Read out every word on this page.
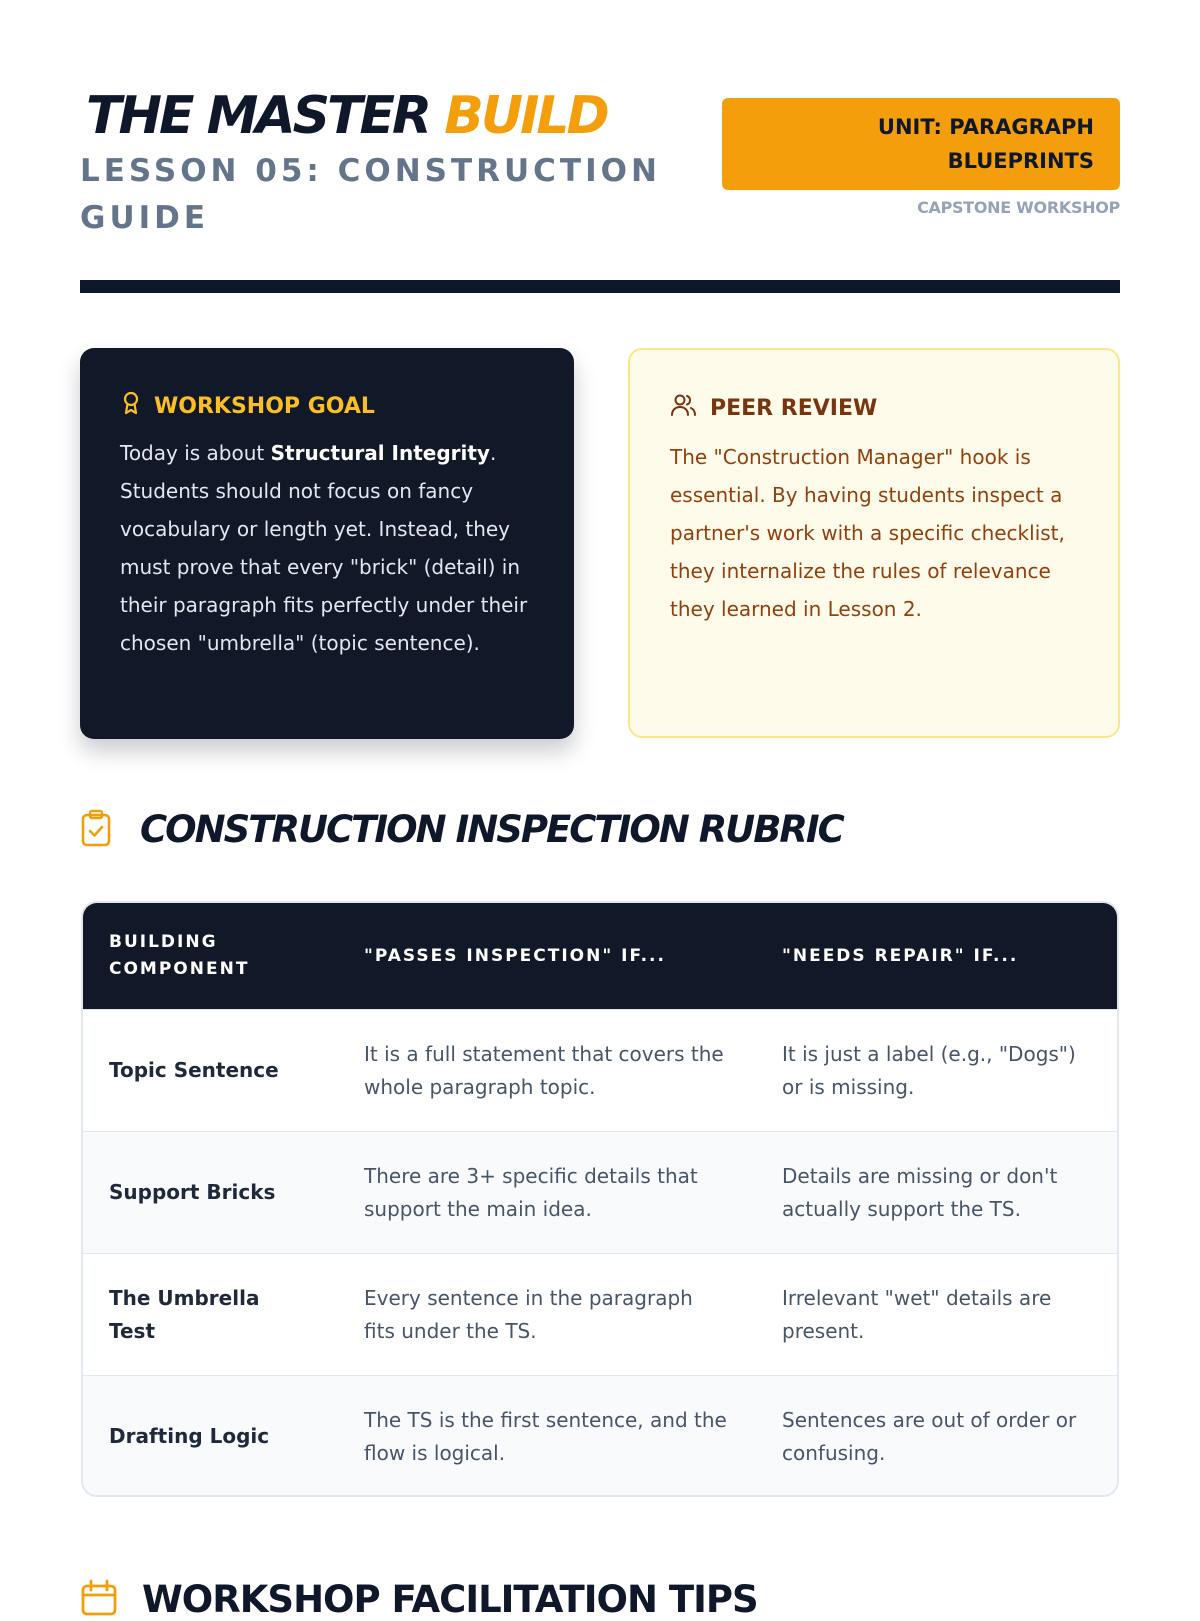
THE MASTER BUILD
LESSON 05: CONSTRUCTION GUIDE
UNIT: PARAGRAPH
BLUEPRINTS
CAPSTONE WORKSHOP
WORKSHOP GOAL
Today is about Structural Integrity. Students should not focus on fancy vocabulary or length yet. Instead, they must prove that every "brick" (detail) in their paragraph fits perfectly under their chosen "umbrella" (topic sentence).
PEER REVIEW
The "Construction Manager" hook is essential. By having students inspect a partner's work with a specific checklist, they internalize the rules of relevance they learned in Lesson 2.
CONSTRUCTION INSPECTION RUBRIC
BUILDING COMPONENT	"PASSES INSPECTION" IF...	"NEEDS REPAIR" IF...
Topic Sentence	It is a full statement that covers the whole paragraph topic.	It is just a label (e.g., "Dogs") or is missing.
Support Bricks	There are 3+ specific details that support the main idea.	Details are missing or don't actually support the TS.
The Umbrella Test	Every sentence in the paragraph fits under the TS.	Irrelevant "wet" details are present.
Drafting Logic	The TS is the first sentence, and the flow is logical.	Sentences are out of order or confusing.
WORKSHOP FACILITATION TIPS
